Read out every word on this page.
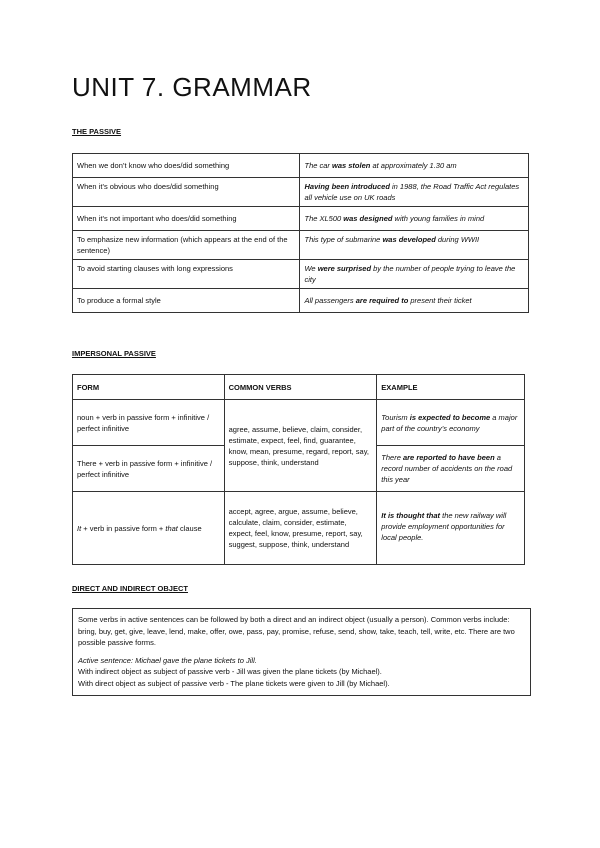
UNIT 7. GRAMMAR
THE PASSIVE
When we don’t know who does/did something	The car was stolen at approximately 1.30 am
When it’s obvious who does/did something	Having been introduced in 1988, the Road Traffic Act regulates all vehicle use on UK roads
When it’s not important who does/did something	The XL500 was designed with young families in mind
To emphasize new information (which appears at the end of the sentence)	This type of submarine was developed during WWII
To avoid starting clauses with long expressions	We were surprised by the number of people trying to leave the city
To produce a formal style	All passengers are required to present their ticket
IMPERSONAL PASSIVE
FORM	COMMON VERBS	EXAMPLE
noun + verb in passive form + infinitive / perfect infinitive	agree, assume, believe, claim, consider, estimate, expect, feel, find, guarantee, know, mean, presume, regard, report, say, suppose, think, understand	Tourism is expected to become a major part of the country’s economy
There + verb in passive form + infinitive / perfect infinitive		There are reported to have been a record number of accidents on the road this year
It + verb in passive form + that clause	accept, agree, argue, assume, believe, calculate, claim, consider, estimate, expect, feel, know, presume, report, say, suggest, suppose, think, understand	It is thought that the new railway will provide employment opportunities for local people.
DIRECT AND INDIRECT OBJECT

Some verbs in active sentences can be followed by both a direct and an indirect object (usually a person). Common verbs include: bring, buy, get, give, leave, lend, make, offer, owe, pass, pay, promise, refuse, send, show, take, teach, tell, write, etc. There are two possible passive forms.

Active sentence: Michael gave the plane tickets to Jill.

With indirect object as subject of passive verb - Jill was given the plane tickets (by Michael).

With direct object as subject of passive verb - The plane tickets were given to Jill (by Michael).
